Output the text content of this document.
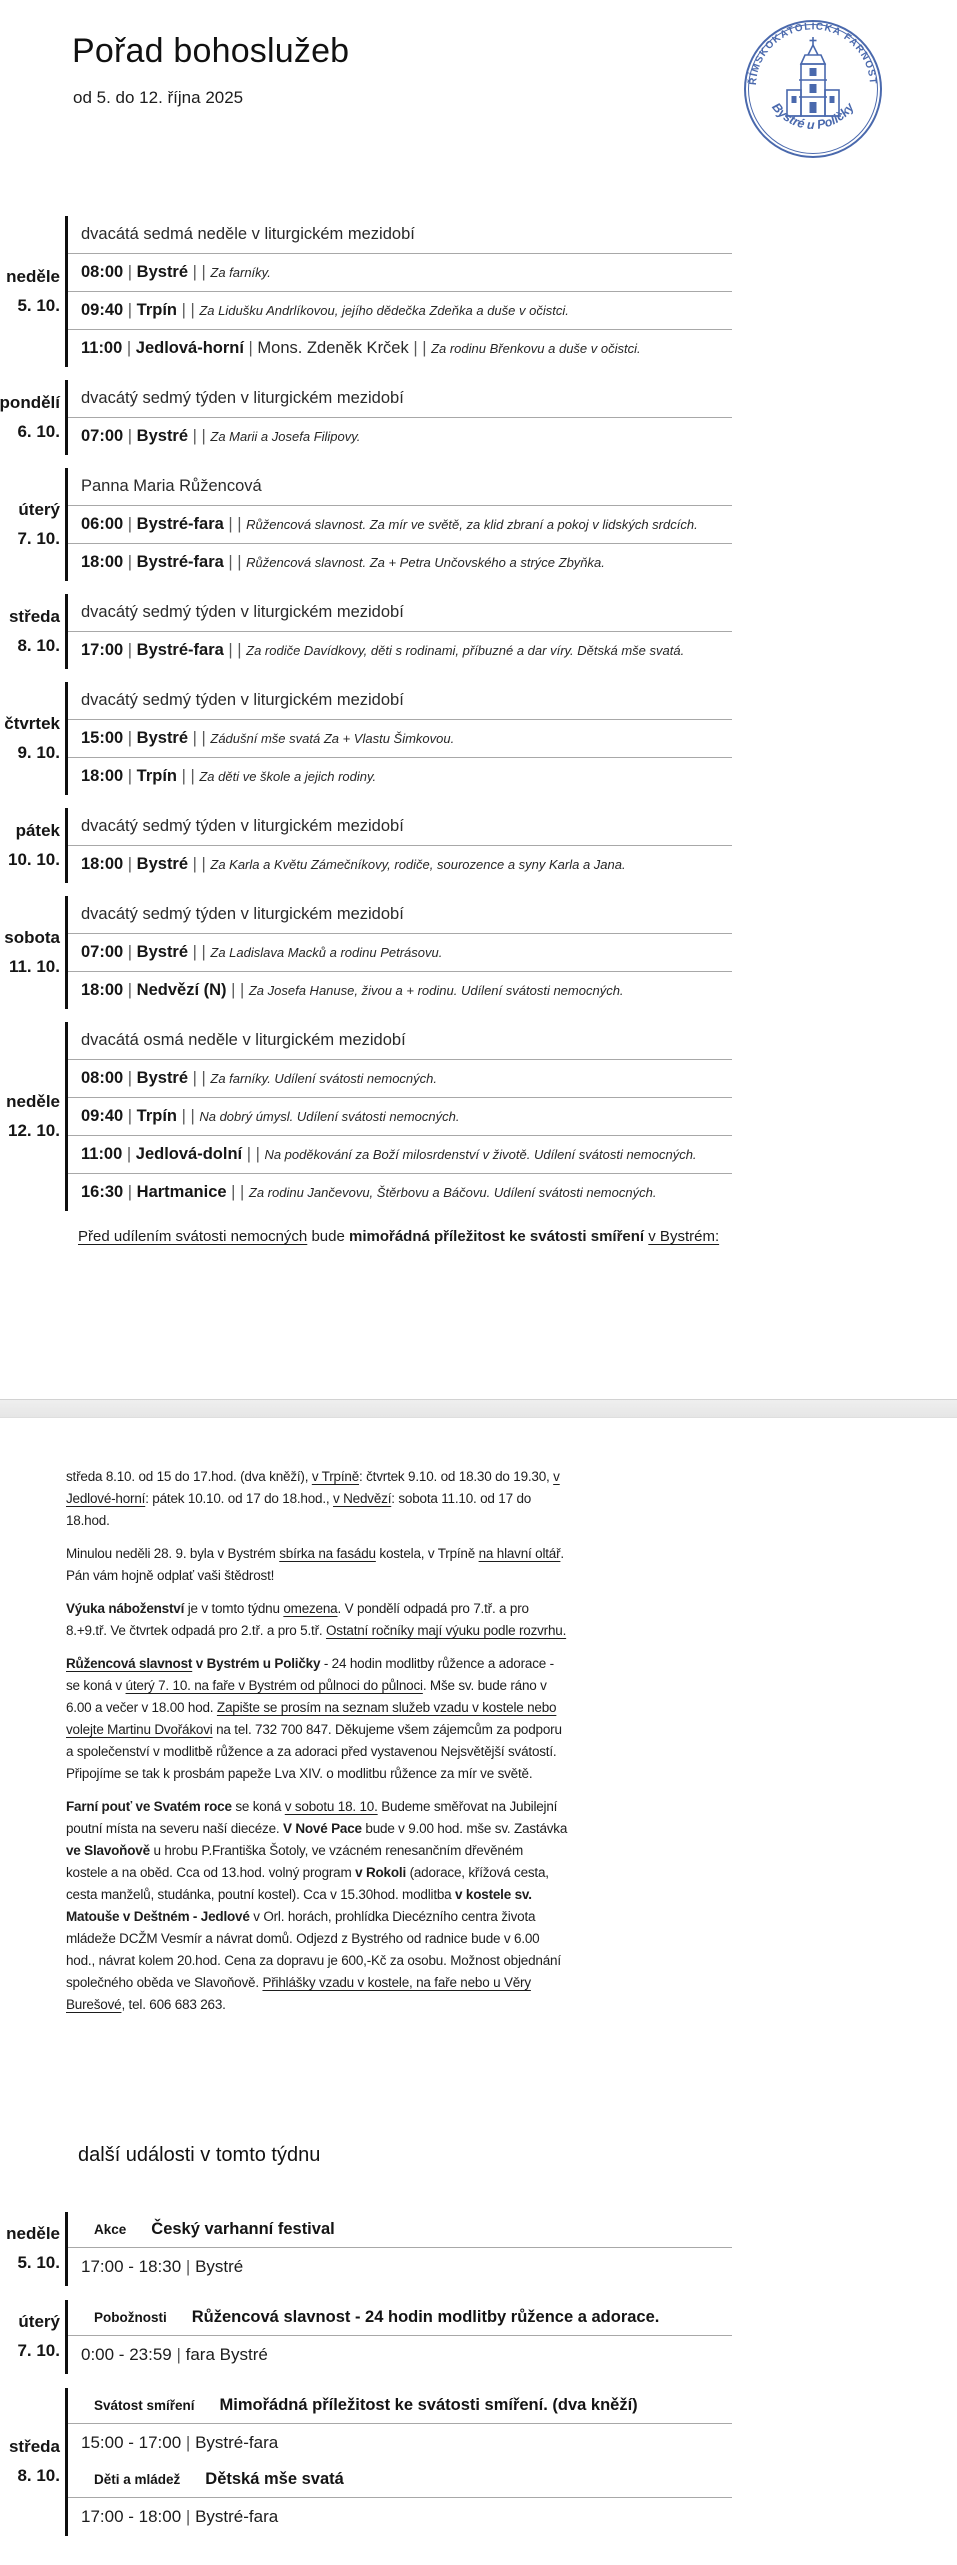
Pořad bohoslužeb
od 5. do 12. října 2025
ŘÍMSKOKATOLICKÁ FARNOST
Bystré u Poličky
neděle
5. 10.
dvacátá sedmá neděle v liturgickém mezidobí
08:00 | Bystré | | Za farníky.
09:40 | Trpín | | Za Lidušku Andrlíkovou, jejího dědečka Zdeňka a duše v očistci.
11:00 | Jedlová-horní | Mons. Zdeněk Krček | | Za rodinu Břenkovu a duše v očistci.
pondělí
6. 10.
dvacátý sedmý týden v liturgickém mezidobí
07:00 | Bystré | | Za Marii a Josefa Filipovy.
úterý
7. 10.
Panna Maria Růžencová
06:00 | Bystré-fara | | Růžencová slavnost. Za mír ve světě, za klid zbraní a pokoj v lidských srdcích.
18:00 | Bystré-fara | | Růžencová slavnost. Za + Petra Unčovského a strýce Zbyňka.
středa
8. 10.
dvacátý sedmý týden v liturgickém mezidobí
17:00 | Bystré-fara | | Za rodiče Davídkovy, děti s rodinami, příbuzné a dar víry. Dětská mše svatá.
čtvrtek
9. 10.
dvacátý sedmý týden v liturgickém mezidobí
15:00 | Bystré | | Zádušní mše svatá Za + Vlastu Šimkovou.
18:00 | Trpín | | Za děti ve škole a jejich rodiny.
pátek
10. 10.
dvacátý sedmý týden v liturgickém mezidobí
18:00 | Bystré | | Za Karla a Květu Zámečníkovy, rodiče, sourozence a syny Karla a Jana.
sobota
11. 10.
dvacátý sedmý týden v liturgickém mezidobí
07:00 | Bystré | | Za Ladislava Macků a rodinu Petrásovu.
18:00 | Nedvězí (N) | | Za Josefa Hanuse, živou a + rodinu. Udílení svátosti nemocných.
neděle
12. 10.
dvacátá osmá neděle v liturgickém mezidobí
08:00 | Bystré | | Za farníky. Udílení svátosti nemocných.
09:40 | Trpín | | Na dobrý úmysl. Udílení svátosti nemocných.
11:00 | Jedlová-dolní | | Na poděkování za Boží milosrdenství v životě. Udílení svátosti nemocných.
16:30 | Hartmanice | | Za rodinu Jančevovu, Štěrbovu a Báčovu. Udílení svátosti nemocných.
Před udílením svátosti nemocných bude mimořádná příležitost ke svátosti smíření v Bystrém:

středa 8.10. od 15 do 17.hod. (dva kněží), v Trpíně: čtvrtek 9.10. od 18.30 do 19.30, v Jedlové-horní: pátek 10.10. od 17 do 18.hod., v Nedvězí: sobota 11.10. od 17 do 18.hod.

Minulou neděli 28. 9. byla v Bystrém sbírka na fasádu kostela, v Trpíně na hlavní oltář. Pán vám hojně odplať vaši štědrost!

Výuka náboženství je v tomto týdnu omezena. V pondělí odpadá pro 7.tř. a pro 8.+9.tř. Ve čtvrtek odpadá pro 2.tř. a pro 5.tř. Ostatní ročníky mají výuku podle rozvrhu.

Růžencová slavnost v Bystrém u Poličky - 24 hodin modlitby růžence a adorace - se koná v úterý 7. 10. na faře v Bystrém od půlnoci do půlnoci. Mše sv. bude ráno v 6.00 a večer v 18.00 hod. Zapište se prosím na seznam služeb vzadu v kostele nebo volejte Martinu Dvořákovi na tel. 732 700 847. Děkujeme všem zájemcům za podporu a společenství v modlitbě růžence a za adoraci před vystavenou Nejsvětější svátostí. Připojíme se tak k prosbám papeže Lva XIV. o modlitbu růžence za mír ve světě.

Farní pouť ve Svatém roce se koná v sobotu 18. 10. Budeme směřovat na Jubilejní poutní místa na severu naší diecéze. V Nové Pace bude v 9.00 hod. mše sv. Zastávka ve Slavoňově u hrobu P.Františka Šotoly, ve vzácném renesančním dřevěném kostele a na oběd. Cca od 13.hod. volný program v Rokoli (adorace, křížová cesta, cesta manželů, studánka, poutní kostel). Cca v 15.30hod. modlitba v kostele sv. Matouše v Deštném - Jedlové v Orl. horách, prohlídka Diecézního centra života mládeže DCŽM Vesmír a návrat domů. Odjezd z Bystrého od radnice bude v 6.00 hod., návrat kolem 20.hod. Cena za dopravu je 600,-Kč za osobu. Možnost objednání společného oběda ve Slavoňově. Přihlášky vzadu v kostele, na faře nebo u Věry Burešové, tel. 606 683 263.

další události v tomto týdnu
neděle
5. 10.
Akce Český varhanní festival
17:00 - 18:30 | Bystré
úterý
7. 10.
Pobožnosti Růžencová slavnost - 24 hodin modlitby růžence a adorace.
0:00 - 23:59 | fara Bystré
středa
8. 10.
Svátost smíření Mimořádná příležitost ke svátosti smíření. (dva kněží)
15:00 - 17:00 | Bystré-fara
Děti a mládež Dětská mše svatá
17:00 - 18:00 | Bystré-fara
